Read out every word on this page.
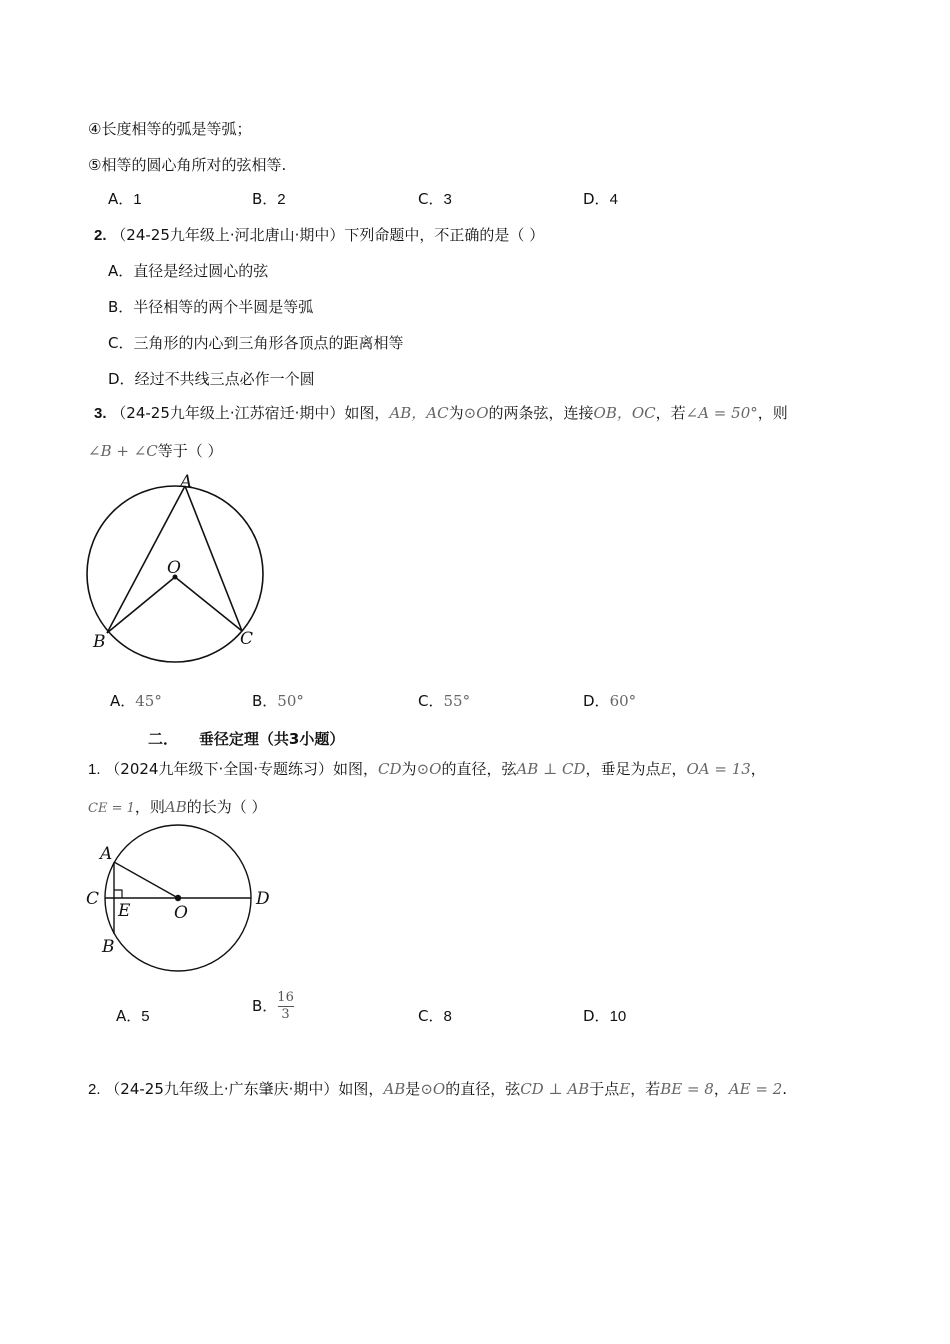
④长度相等的弧是等弧；
⑤相等的圆心角所对的弦相等.
A．1	B．2	C．3	D．4
2. （24-25九年级上·河北唐山·期中）下列命题中，不正确的是（ ）
A．直径是经过圆心的弦
B．半径相等的两个半圆是等弧
C．三角形的内心到三角形各顶点的距离相等
D．经过不共线三点必作一个圆
3. （24-25九年级上·江苏宿迁·期中）如图，AB，AC为⊙O的两条弦，连接OB，OC，若∠A = 50°，则
∠B + ∠C等于（ ）
A
O
B	C
A．45°	B．50°	C．55°	D．60°
二．    垂径定理（共3小题）
1. （2024九年级下·全国·专题练习）如图，CD为⊙O的直径，弦AB ⊥ CD，垂足为点E，OA = 13，
CE = 1，则AB的长为（ ）
A
C
E	O
D
B
A．5
B． $\frac{16}{3}$	C．8	D．10
2. （24-25九年级上·广东肇庆·期中）如图，AB是⊙O的直径，弦CD ⊥ AB于点E，若BE = 8，AE = 2.
